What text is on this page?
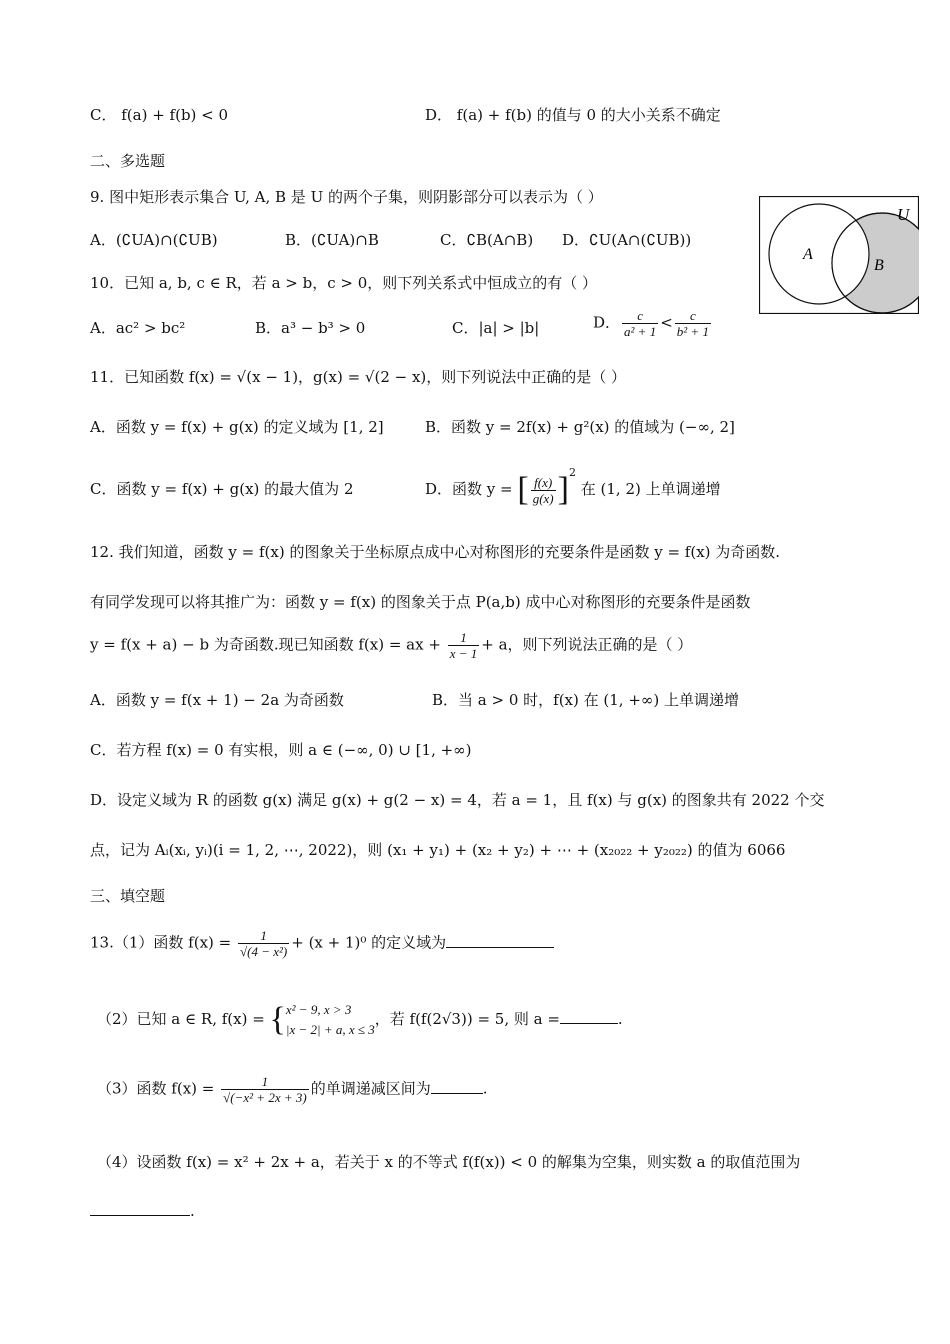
C． f(a) + f(b) < 0	D． f(a) + f(b) 的值与 0 的大小关系不确定
二、多选题
9. 图中矩形表示集合 U, A, B 是 U 的两个子集，则阴影部分可以表示为（ ）
A．(∁UA)∩(∁UB)	B．(∁UA)∩B	C．∁B(A∩B) D．∁U(A∩(∁UB))
U
A
B
10．已知 a, b, c ∈ R，若 a > b，c > 0，则下列关系式中恒成立的有（ ）
A．ac² > bc²	B．a³ − b³ > 0	C．|a| > |b|	D． $\frac{c}{\text{a² + 1}} < \frac{c}{\text{b² + 1}}$
11．已知函数 f(x) = √(x − 1)，g(x) = √(2 − x)，则下列说法中正确的是（ ）
A．函数 y = f(x) + g(x) 的定义域为 [1, 2]	B．函数 y = 2f(x) + g²(x) 的值域为 (−∞, 2]
C．函数 y = f(x) + g(x) 的最大值为 2	D．函数 y = [ $\frac{f(x)}{g(x)} ]^2$ 在 (1, 2) 上单调递增
12. 我们知道，函数 y = f(x) 的图象关于坐标原点成中心对称图形的充要条件是函数 y = f(x) 为奇函数.
有同学发现可以将其推广为：函数 y = f(x) 的图象关于点 P(a,b) 成中心对称图形的充要条件是函数
y = f(x + a) − b 为奇函数.现已知函数 f(x) = ax + $\frac{1}{x - 1} + a$，则下列说法正确的是（ ）
A．函数 y = f(x + 1) − 2a 为奇函数	B．当 a > 0 时，f(x) 在 (1, +∞) 上单调递增
C．若方程 f(x) = 0 有实根，则 a ∈ (−∞, 0) ∪ [1, +∞)
D．设定义域为 R 的函数 g(x) 满足 g(x) + g(2 − x) = 4，若 a = 1，且 f(x) 与 g(x) 的图象共有 2022 个交
点，记为 Aᵢ(xᵢ, yᵢ)(i = 1, 2, ⋯, 2022)，则 (x₁ + y₁) + (x₂ + y₂) + ⋯ + (x₂₀₂₂ + y₂₀₂₂) 的值为 6066
三、填空题
13.（1）函数 $f(x) = \frac{1}{\text{√(4 − x²)}} + (x + 1)^0$ 的定义域为
（2）已知 a ∈ R, f(x) = { x² − 9, x > 3
|x − 2| + a, x ≤ 3
，若 f(f(2√3)) = 5, 则 a =	.
（3）函数 $f(x) = \frac{1}{\text{√(−x² + 2x + 3)}}$ 的单调递减区间为	.
（4）设函数 f(x) = x² + 2x + a，若关于 x 的不等式 f(f(x)) < 0 的解集为空集，则实数 a 的取值范围为
.
